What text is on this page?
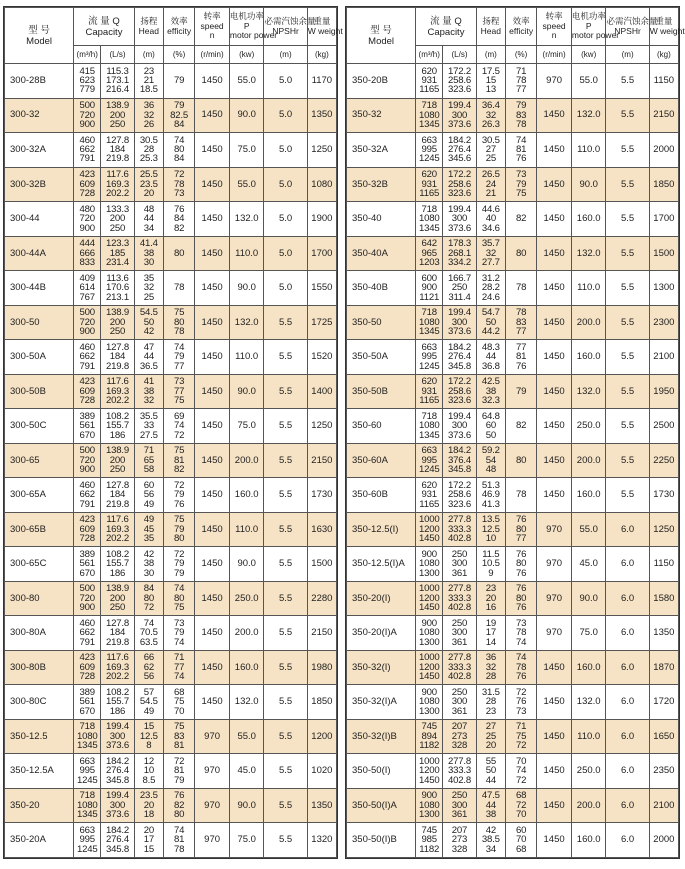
型 号
Model	流 量 Q
Capacity		扬程
Head	效率
efficity	转率
speed
n	电机功率
P
motor power	必需汽蚀余量
NPSHr	重量
W weight

	(m³/h)	(L/s)	(m)	(%)	(r/min)	(kw)	(m)	(kg)
300-28B	415
623
779	115.3
173.1
216.4	23
21
18.5	79	1450	55.0	5.0	1170
300-32	500
720
900	138.9
200
250	36
32
26	79
82.5
84	1450	90.0	5.0	1350
300-32A	460
662
791	127.8
184
219.8	30.5
28
25.3	74
80
84	1450	75.0	5.0	1250
300-32B	423
609
728	117.6
169.3
202.2	25.5
23.5
20	72
78
73	1450	55.0	5.0	1080
300-44	480
720
900	133.3
200
250	48
44
34	76
84
82	1450	132.0	5.0	1900
300-44A	444
666
833	123.3
185
231.4	41.4
38
30	80	1450	110.0	5.0	1700
300-44B	409
614
767	113.6
170.6
213.1	35
32
25	78	1450	90.0	5.0	1550
300-50	500
720
900	138.9
200
250	54.5
50
42	75
80
78	1450	132.0	5.5	1725
300-50A	460
662
791	127.8
184
219.8	47
44
36.5	74
79
77	1450	110.0	5.5	1520
300-50B	423
609
728	117.6
169.3
202.2	41
38
32	73
77
75	1450	90.0	5.5	1400
300-50C	389
561
670	108.2
155.7
186	35.5
33
27.5	69
74
72	1450	75.0	5.5	1250
300-65	500
720
900	138.9
200
250	71
65
58	75
81
82	1450	200.0	5.5	2150
300-65A	460
662
791	127.8
184
219.8	60
56
49	72
79
76	1450	160.0	5.5	1730
300-65B	423
609
728	117.6
169.3
202.2	49
45
35	75
79
80	1450	110.0	5.5	1630
300-65C	389
561
670	108.2
155.7
186	42
38
30	72
79
79	1450	90.0	5.5	1500
300-80	500
720
900	138.9
200
250	84
80
72	74
80
75	1450	250.0	5.5	2280
300-80A	460
662
791	127.8
184
219.8	74
70.5
63.5	73
79
74	1450	200.0	5.5	2150
300-80B	423
609
728	117.6
169.3
202.2	66
62
56	71
77
74	1450	160.0	5.5	1980
300-80C	389
561
670	108.2
155.7
186	57
54.5
49	68
75
70	1450	132.0	5.5	1850
350-12.5	718
1080
1345	199.4
300
373.6	15
12.5
8	75
83
81	970	55.0	5.5	1200
350-12.5A	663
995
1245	184.2
276.4
345.8	12
10
8.5	72
81
79	970	45.0	5.5	1020
350-20	718
1080
1345	199.4
300
373.6	23.5
20
18	76
82
80	970	90.0	5.5	1350
350-20A	663
995
1245	184.2
276.4
345.8	20
17
15	74
81
78	970	75.0	5.5	1320
型 号
Model	流 量 Q
Capacity		扬程
Head	效率
efficity	转率
speed
n	电机功率
P
motor power	必需汽蚀余量
NPSHr	重量
W weight

	(m³/h)	(L/s)	(m)	(%)	(r/min)	(kw)	(m)	(kg)
350-20B	620
931
1165	172.2
258.6
323.6	17.5
15
13	71
78
77	970	55.0	5.5	1150
350-32	718
1080
1345	199.4
300
373.6	36.4
32
26.3	79
83
78	1450	132.0	5.5	2150
350-32A	663
995
1245	184.2
276.4
345.6	30.5
27
25	74
81
76	1450	110.0	5.5	2000
350-32B	620
931
1165	172.2
258.6
323.6	26.5
24
21	73
79
75	1450	90.0	5.5	1850
350-40	718
1080
1345	199.4
300
373.6	44.6
40
34.6	82	1450	160.0	5.5	1700
350-40A	642
965
1203	178.3
268.1
334.2	35.7
32
27.7	80	1450	132.0	5.5	1500
350-40B	600
900
1121	166.7
250
311.4	31.2
28.2
24.6	78	1450	110.0	5.5	1300
350-50	718
1080
1345	199.4
300
373.6	54.7
50
44.2	78
83
77	1450	200.0	5.5	2300
350-50A	663
995
1245	184.2
276.4
345.8	48.3
44
36.8	77
81
76	1450	160.0	5.5	2100
350-50B	620
931
1165	172.2
258.6
323.6	42.5
38
32.3	79	1450	132.0	5.5	1950
350-60	718
1080
1345	199.4
300
373.6	64.8
60
50	82	1450	250.0	5.5	2500
350-60A	663
995
1245	184.2
376.4
345.8	59.2
54
48	80	1450	200.0	5.5	2250
350-60B	620
931
1165	172.2
258.6
323.6	51.3
46.9
41.3	78	1450	160.0	5.5	1730
350-12.5(I)	1000
1200
1450	277.8
333.3
402.8	13.5
12.5
10	76
80
77	970	55.0	6.0	1250
350-12.5(I)A	900
1080
1300	250
300
361	11.5
10.5
9	76
80
76	970	45.0	6.0	1150
350-20(I)	1000
1200
1450	277.8
333.3
402.8	23
20
16	76
80
76	970	90.0	6.0	1580
350-20(I)A	900
1080
1300	250
300
361	19
17
14	73
78
74	970	75.0	6.0	1350
350-32(I)	1000
1200
1450	277.8
333.3
402.8	36
32
28	74
78
76	1450	160.0	6.0	1870
350-32(I)A	900
1080
1300	250
300
361	31.5
28
23	72
76
73	1450	132.0	6.0	1720
350-32(I)B	745
894
1182	207
273
328	27
25
20	71
75
72	1450	110.0	6.0	1650
350-50(I)	1000
1200
1450	277.8
333.3
402.8	55
50
44	70
74
72	1450	250.0	6.0	2350
350-50(I)A	900
1080
1300	250
300
361	47.5
44
38	68
72
70	1450	200.0	6.0	2100
350-50(I)B	745
985
1182	207
273
328	42
38.5
34	60
70
68	1450	160.0	6.0	2000
